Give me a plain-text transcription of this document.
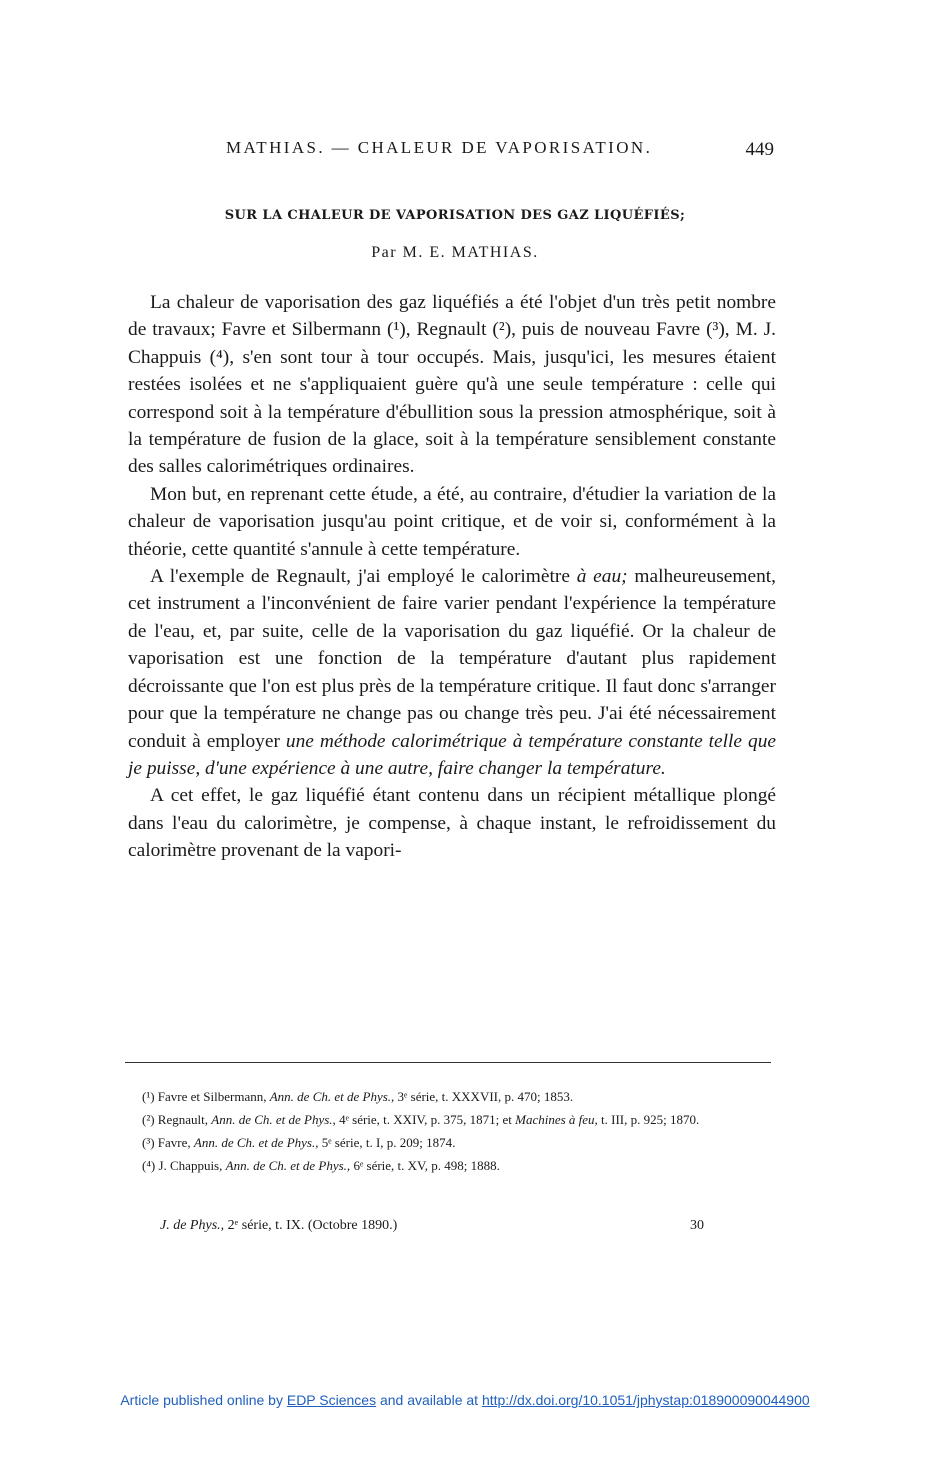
MATHIAS. — CHALEUR DE VAPORISATION.	449
SUR LA CHALEUR DE VAPORISATION DES GAZ LIQUÉFIÉS;
Par M. E. MATHIAS.

La chaleur de vaporisation des gaz liquéfiés a été l'objet d'un très petit nombre de travaux; Favre et Silbermann (¹), Regnault (²), puis de nouveau Favre (³), M. J. Chappuis (⁴), s'en sont tour à tour occupés. Mais, jusqu'ici, les mesures étaient restées isolées et ne s'appliquaient guère qu'à une seule température : celle qui correspond soit à la température d'ébullition sous la pression atmosphérique, soit à la température de fusion de la glace, soit à la température sensiblement constante des salles calorimétriques ordinaires.

Mon but, en reprenant cette étude, a été, au contraire, d'étudier la variation de la chaleur de vaporisation jusqu'au point critique, et de voir si, conformément à la théorie, cette quantité s'annule à cette température.

A l'exemple de Regnault, j'ai employé le calorimètre à eau; malheureusement, cet instrument a l'inconvénient de faire varier pendant l'expérience la température de l'eau, et, par suite, celle de la vaporisation du gaz liquéfié. Or la chaleur de vaporisation est une fonction de la température d'autant plus rapidement décroissante que l'on est plus près de la température critique. Il faut donc s'arranger pour que la température ne change pas ou change très peu. J'ai été nécessairement conduit à employer une méthode calorimétrique à température constante telle que je puisse, d'une expérience à une autre, faire changer la température.

A cet effet, le gaz liquéfié étant contenu dans un récipient métallique plongé dans l'eau du calorimètre, je compense, à chaque instant, le refroidissement du calorimètre provenant de la vapori-

(¹) Favre et Silbermann, Ann. de Ch. et de Phys., 3ᵉ série, t. XXXVII, p. 470; 1853.

(²) Regnault, Ann. de Ch. et de Phys., 4ᵉ série, t. XXIV, p. 375, 1871; et Machines à feu, t. III, p. 925; 1870.

(³) Favre, Ann. de Ch. et de Phys., 5ᵉ série, t. I, p. 209; 1874.

(⁴) J. Chappuis, Ann. de Ch. et de Phys., 6ᵉ série, t. XV, p. 498; 1888.

J. de Phys., 2ᵉ série, t. IX. (Octobre 1890.)	30
Article published online by EDP Sciences and available at http://dx.doi.org/10.1051/jphystap:018900090044900
